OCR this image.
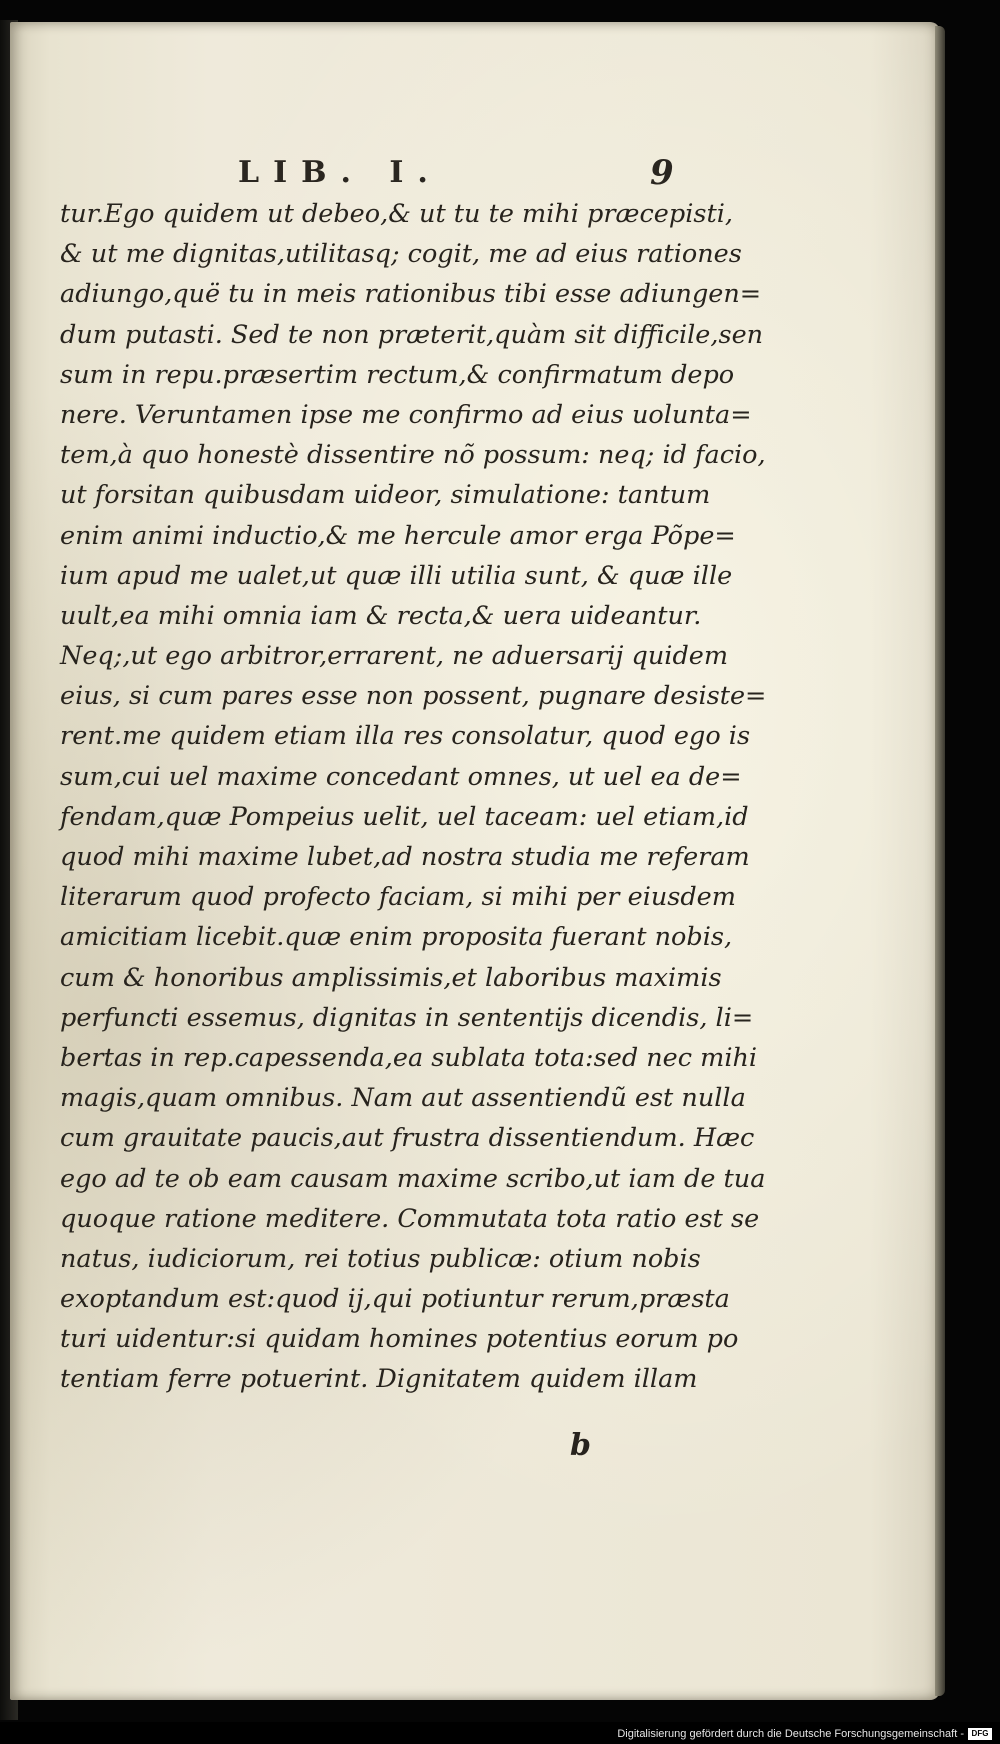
LIB. I.	9
tur.Ego quidem ut debeo,& ut tu te mihi præcepisti,
& ut me dignitas,utilitasq; cogit, me ad eius rationes
adiungo,quë tu in meis rationibus tibi esse adiungen=
dum putasti. Sed te non præterit,quàm sit difficile,sen
sum in repu.præsertim rectum,& confirmatum depo
nere. Veruntamen ipse me confirmo ad eius uolunta=
tem,à quo honestè dissentire nõ possum: neq; id facio,
ut forsitan quibusdam uideor, simulatione: tantum
enim animi inductio,& me hercule amor erga Põpe=
ium apud me ualet,ut quæ illi utilia sunt, & quæ ille
uult,ea mihi omnia iam & recta,& uera uideantur.
Neq;,ut ego arbitror,errarent, ne aduersarij quidem
eius, si cum pares esse non possent, pugnare desiste=
rent.me quidem etiam illa res consolatur, quod ego is
sum,cui uel maxime concedant omnes, ut uel ea de=
fendam,quæ Pompeius uelit, uel taceam: uel etiam,id
quod mihi maxime lubet,ad nostra studia me referam
literarum quod profecto faciam, si mihi per eiusdem
amicitiam licebit.quæ enim proposita fuerant nobis,
cum & honoribus amplissimis,et laboribus maximis
perfuncti essemus, dignitas in sententijs dicendis, li=
bertas in rep.capessenda,ea sublata tota:sed nec mihi
magis,quam omnibus. Nam aut assentiendũ est nulla
cum grauitate paucis,aut frustra dissentiendum. Hæc
ego ad te ob eam causam maxime scribo,ut iam de tua
quoque ratione meditere. Commutata tota ratio est se
natus, iudiciorum, rei totius publicæ: otium nobis
exoptandum est:quod ij,qui potiuntur rerum,præsta
turi uidentur:si quidam homines potentius eorum po
tentiam ferre potuerint. Dignitatem quidem illam
b
Digitalisierung gefördert durch die Deutsche Forschungsgemeinschaft - DFG
